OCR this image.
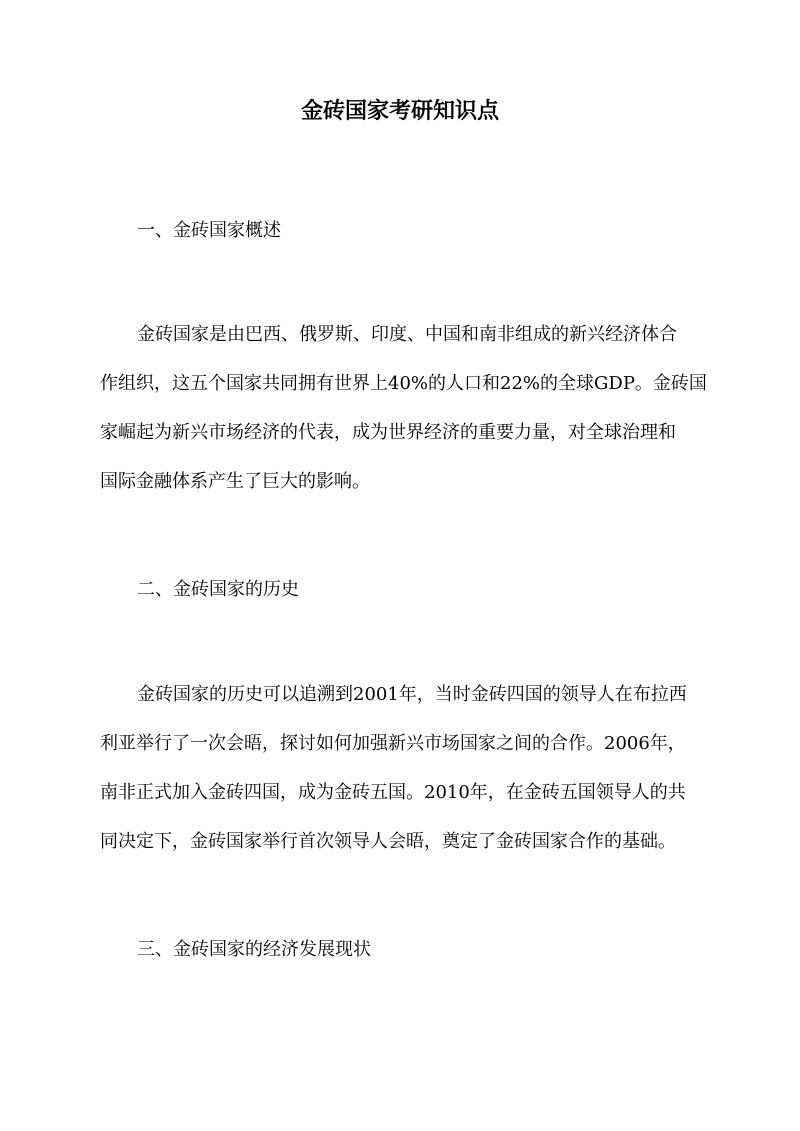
金砖国家考研知识点
一、金砖国家概述

金砖国家是由巴西、俄罗斯、印度、中国和南非组成的新兴经济体合
作组织，这五个国家共同拥有世界上40%的人口和22%的全球GDP。金砖国
家崛起为新兴市场经济的代表，成为世界经济的重要力量，对全球治理和
国际金融体系产生了巨大的影响。

二、金砖国家的历史

金砖国家的历史可以追溯到2001年，当时金砖四国的领导人在布拉西
利亚举行了一次会晤，探讨如何加强新兴市场国家之间的合作。2006年，
南非正式加入金砖四国，成为金砖五国。2010年，在金砖五国领导人的共
同决定下，金砖国家举行首次领导人会晤，奠定了金砖国家合作的基础。

三、金砖国家的经济发展现状
